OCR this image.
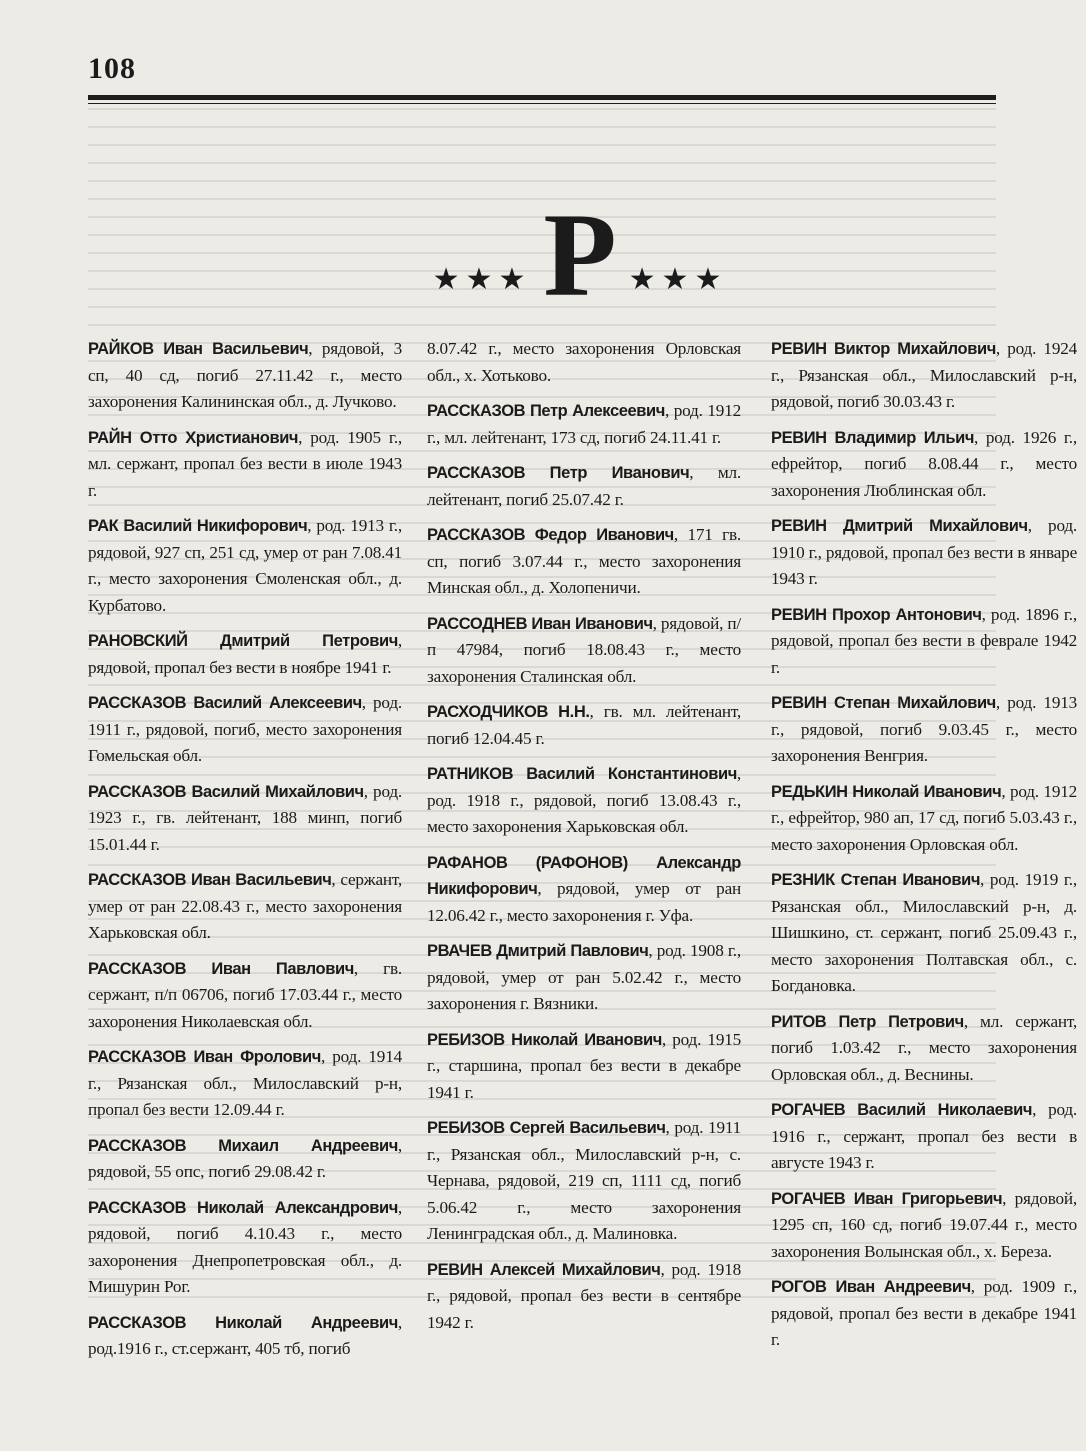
108
★★★ Р ★★★

РАЙКОВ Иван Васильевич, рядовой, 3 сп, 40 сд, погиб 27.11.42 г., место захоронения Калининская обл., д. Лучково.

РАЙН Отто Христианович, род. 1905 г., мл. сержант, пропал без вести в июле 1943 г.

РАК Василий Никифорович, род. 1913 г., рядовой, 927 сп, 251 сд, умер от ран 7.08.41 г., место захоронения Смоленская обл., д. Курбатово.

РАНОВСКИЙ Дмитрий Петрович, рядовой, пропал без вести в ноябре 1941 г.

РАССКАЗОВ Василий Алексеевич, род. 1911 г., рядовой, погиб, место захоронения Гомельская обл.

РАССКАЗОВ Василий Михайлович, род. 1923 г., гв. лейтенант, 188 минп, погиб 15.01.44 г.

РАССКАЗОВ Иван Васильевич, сержант, умер от ран 22.08.43 г., место захоронения Харьковская обл.

РАССКАЗОВ Иван Павлович, гв. сержант, п/п 06706, погиб 17.03.44 г., место захоронения Николаевская обл.

РАССКАЗОВ Иван Фролович, род. 1914 г., Рязанская обл., Милославский р-н, пропал без вести 12.09.44 г.

РАССКАЗОВ Михаил Андреевич, рядовой, 55 опс, погиб 29.08.42 г.

РАССКАЗОВ Николай Александрович, рядовой, погиб 4.10.43 г., место захоронения Днепропетровская обл., д. Мишурин Рог.

РАССКАЗОВ Николай Андреевич, род.1916 г., ст.сержант, 405 тб, погиб

8.07.42 г., место захоронения Орловская обл., х. Хотьково.

РАССКАЗОВ Петр Алексеевич, род. 1912 г., мл. лейтенант, 173 сд, погиб 24.11.41 г.

РАССКАЗОВ Петр Иванович, мл. лейтенант, погиб 25.07.42 г.

РАССКАЗОВ Федор Иванович, 171 гв. сп, погиб 3.07.44 г., место захоронения Минская обл., д. Холопеничи.

РАССОДНЕВ Иван Иванович, рядовой, п/п 47984, погиб 18.08.43 г., место захоронения Сталинская обл.

РАСХОДЧИКОВ Н.Н., гв. мл. лейтенант, погиб 12.04.45 г.

РАТНИКОВ Василий Константинович, род. 1918 г., рядовой, погиб 13.08.43 г., место захоронения Харьковская обл.

РАФАНОВ (РАФОНОВ) Александр Никифорович, рядовой, умер от ран 12.06.42 г., место захоронения г. Уфа.

РВАЧЕВ Дмитрий Павлович, род. 1908 г., рядовой, умер от ран 5.02.42 г., место захоронения г. Вязники.

РЕБИЗОВ Николай Иванович, род. 1915 г., старшина, пропал без вести в декабре 1941 г.

РЕБИЗОВ Сергей Васильевич, род. 1911 г., Рязанская обл., Милославский р-н, с. Чернава, рядовой, 219 сп, 1111 сд, погиб 5.06.42 г., место захоронения Ленинградская обл., д. Малиновка.

РЕВИН Алексей Михайлович, род. 1918 г., рядовой, пропал без вести в сентябре 1942 г.

РЕВИН Виктор Михайлович, род. 1924 г., Рязанская обл., Милославский р-н, рядовой, погиб 30.03.43 г.

РЕВИН Владимир Ильич, род. 1926 г., ефрейтор, погиб 8.08.44 г., место захоронения Люблинская обл.

РЕВИН Дмитрий Михайлович, род. 1910 г., рядовой, пропал без вести в январе 1943 г.

РЕВИН Прохор Антонович, род. 1896 г., рядовой, пропал без вести в феврале 1942 г.

РЕВИН Степан Михайлович, род. 1913 г., рядовой, погиб 9.03.45 г., место захоронения Венгрия.

РЕДЬКИН Николай Иванович, род. 1912 г., ефрейтор, 980 ап, 17 сд, погиб 5.03.43 г., место захоронения Орловская обл.

РЕЗНИК Степан Иванович, род. 1919 г., Рязанская обл., Милославский р-н, д. Шишкино, ст. сержант, погиб 25.09.43 г., место захоронения Полтавская обл., с. Богдановка.

РИТОВ Петр Петрович, мл. сержант, погиб 1.03.42 г., место захоронения Орловская обл., д. Веснины.

РОГАЧЕВ Василий Николаевич, род. 1916 г., сержант, пропал без вести в августе 1943 г.

РОГАЧЕВ Иван Григорьевич, рядовой, 1295 сп, 160 сд, погиб 19.07.44 г., место захоронения Волынская обл., х. Береза.

РОГОВ Иван Андреевич, род. 1909 г., рядовой, пропал без вести в декабре 1941 г.
